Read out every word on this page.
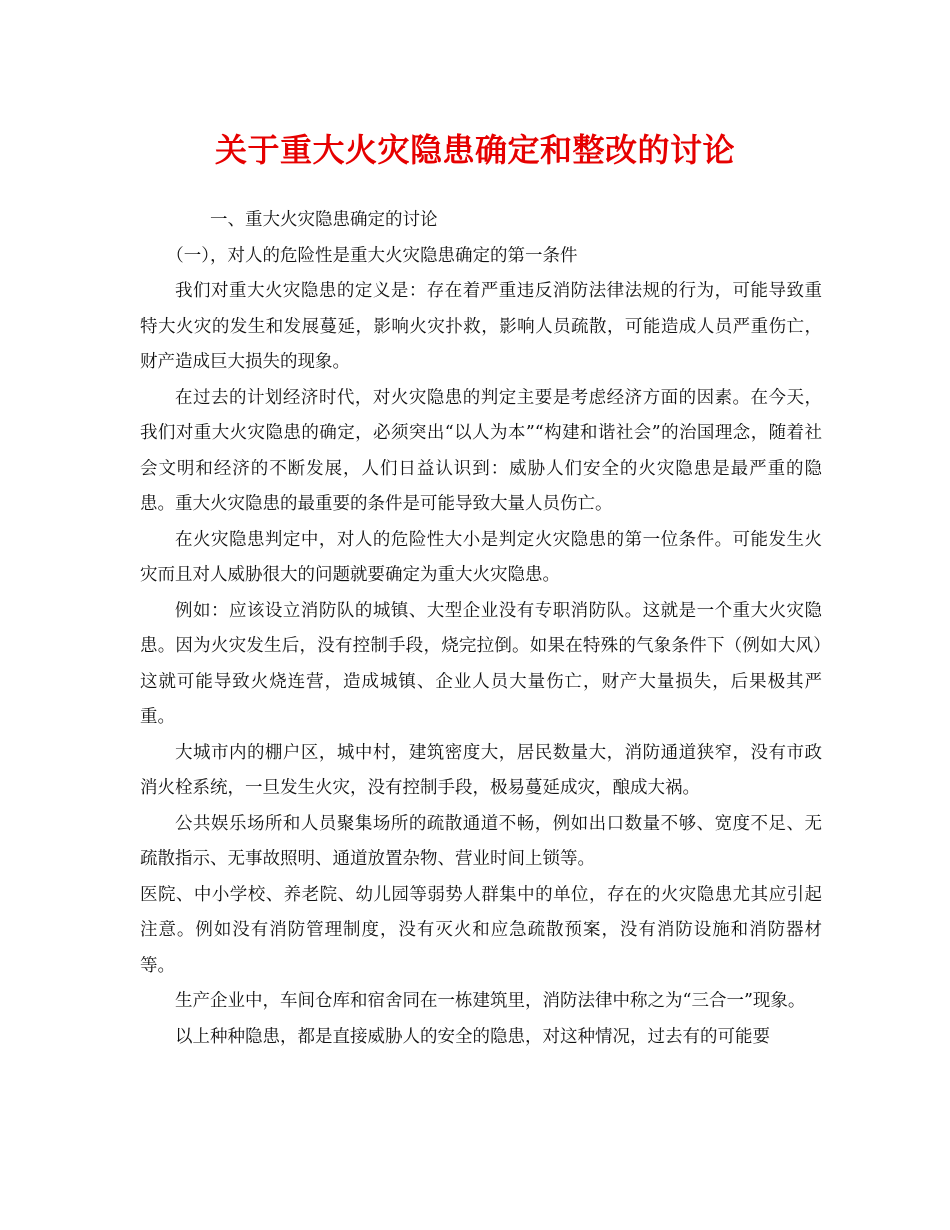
关于重大火灾隐患确定和整改的讨论

一、重大火灾隐患确定的讨论

（一），对人的危险性是重大火灾隐患确定的第一条件

我们对重大火灾隐患的定义是：存在着严重违反消防法律法规的行为，可能导致重特大火灾的发生和发展蔓延，影响火灾扑救，影响人员疏散，可能造成人员严重伤亡，财产造成巨大损失的现象。

在过去的计划经济时代，对火灾隐患的判定主要是考虑经济方面的因素。在今天，我们对重大火灾隐患的确定，必须突出“以人为本”“构建和谐社会”的治国理念，随着社会文明和经济的不断发展，人们日益认识到：威胁人们安全的火灾隐患是最严重的隐患。重大火灾隐患的最重要的条件是可能导致大量人员伤亡。

在火灾隐患判定中，对人的危险性大小是判定火灾隐患的第一位条件。可能发生火灾而且对人威胁很大的问题就要确定为重大火灾隐患。

例如：应该设立消防队的城镇、大型企业没有专职消防队。这就是一个重大火灾隐患。因为火灾发生后，没有控制手段，烧完拉倒。如果在特殊的气象条件下（例如大风）这就可能导致火烧连营，造成城镇、企业人员大量伤亡，财产大量损失，后果极其严重。

大城市内的棚户区，城中村，建筑密度大，居民数量大，消防通道狭窄，没有市政消火栓系统，一旦发生火灾，没有控制手段，极易蔓延成灾，酿成大祸。

公共娱乐场所和人员聚集场所的疏散通道不畅，例如出口数量不够、宽度不足、无疏散指示、无事故照明、通道放置杂物、营业时间上锁等。

医院、中小学校、养老院、幼儿园等弱势人群集中的单位，存在的火灾隐患尤其应引起注意。例如没有消防管理制度，没有灭火和应急疏散预案，没有消防设施和消防器材等。

生产企业中，车间仓库和宿舍同在一栋建筑里，消防法律中称之为“三合一”现象。

以上种种隐患，都是直接威胁人的安全的隐患，对这种情况，过去有的可能要
